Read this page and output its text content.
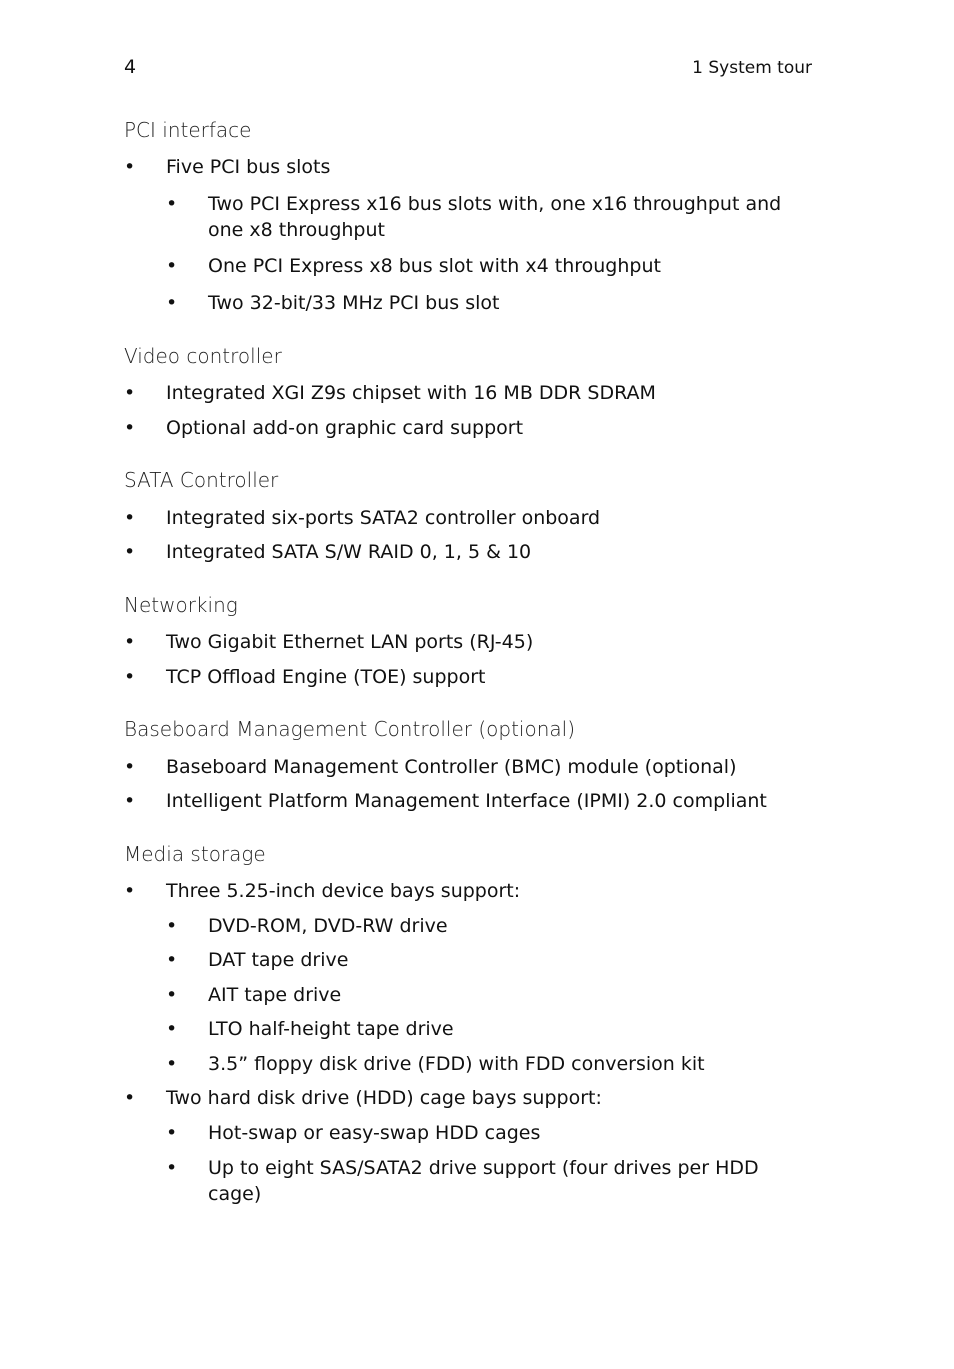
4	1 System tour
PCI interface
• Five PCI bus slots
• Two PCI Express x16 bus slots with, one x16 throughput and one x8 throughput
• One PCI Express x8 bus slot with x4 throughput
• Two 32-bit/33 MHz PCI bus slot
Video controller
• Integrated XGI Z9s chipset with 16 MB DDR SDRAM
• Optional add-on graphic card support
SATA Controller
• Integrated six-ports SATA2 controller onboard
• Integrated SATA S/W RAID 0, 1, 5 & 10
Networking
• Two Gigabit Ethernet LAN ports (RJ-45)
• TCP Offload Engine (TOE) support
Baseboard Management Controller (optional)
• Baseboard Management Controller (BMC) module (optional)
• Intelligent Platform Management Interface (IPMI) 2.0 compliant
Media storage
• Three 5.25-inch device bays support:
• DVD-ROM, DVD-RW drive
• DAT tape drive
• AIT tape drive
• LTO half-height tape drive
• 3.5” floppy disk drive (FDD) with FDD conversion kit
• Two hard disk drive (HDD) cage bays support:
• Hot-swap or easy-swap HDD cages
• Up to eight SAS/SATA2 drive support (four drives per HDD cage)
